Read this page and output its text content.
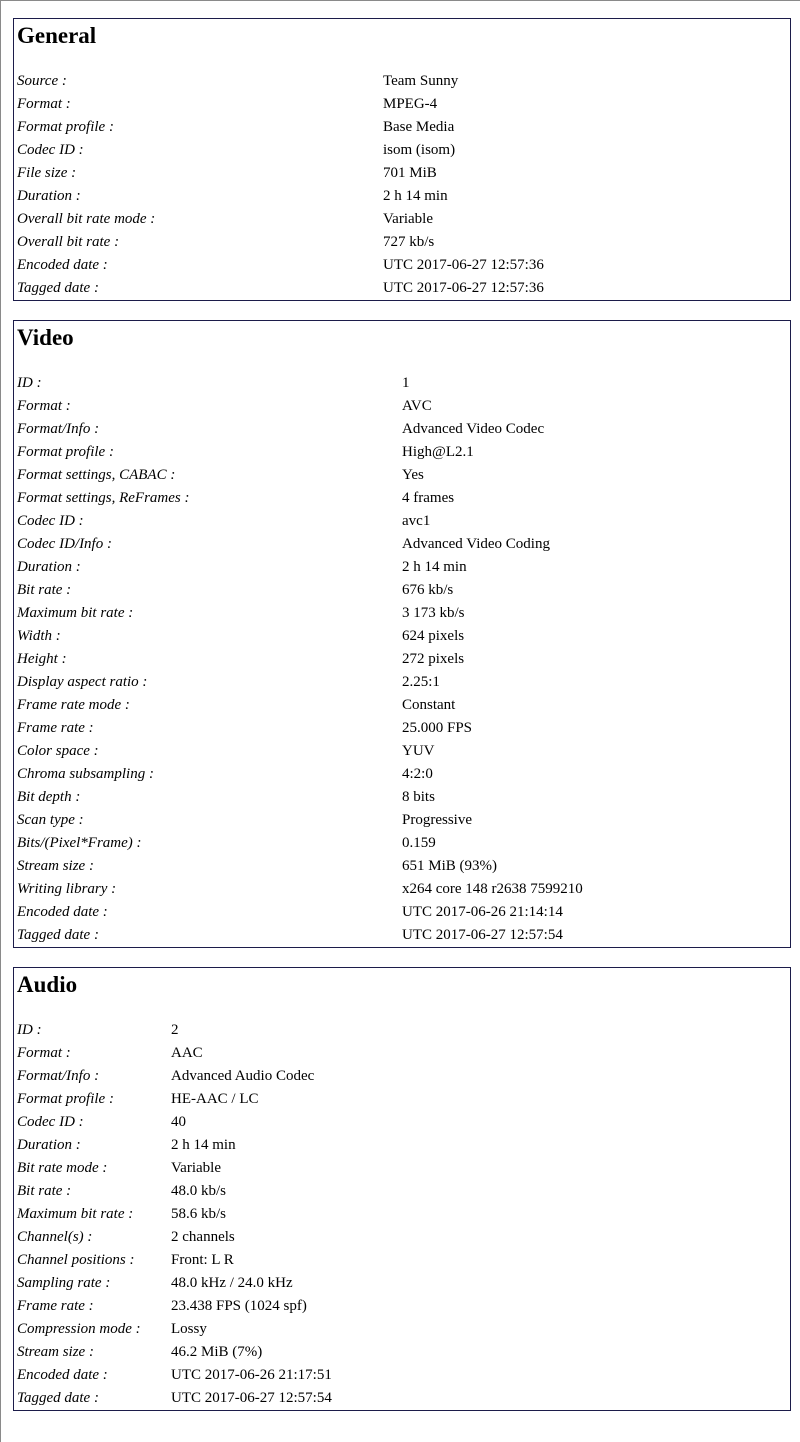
General
Source :	Team Sunny
Format :	MPEG-4
Format profile :	Base Media
Codec ID :	isom (isom)
File size :	701 MiB
Duration :	2 h 14 min
Overall bit rate mode :	Variable
Overall bit rate :	727 kb/s
Encoded date :	UTC 2017-06-27 12:57:36
Tagged date :	UTC 2017-06-27 12:57:36
Video
ID :	1
Format :	AVC
Format/Info :	Advanced Video Codec
Format profile :	High@L2.1
Format settings, CABAC :	Yes
Format settings, ReFrames :	4 frames
Codec ID :	avc1
Codec ID/Info :	Advanced Video Coding
Duration :	2 h 14 min
Bit rate :	676 kb/s
Maximum bit rate :	3 173 kb/s
Width :	624 pixels
Height :	272 pixels
Display aspect ratio :	2.25:1
Frame rate mode :	Constant
Frame rate :	25.000 FPS
Color space :	YUV
Chroma subsampling :	4:2:0
Bit depth :	8 bits
Scan type :	Progressive
Bits/(Pixel*Frame) :	0.159
Stream size :	651 MiB (93%)
Writing library :	x264 core 148 r2638 7599210
Encoded date :	UTC 2017-06-26 21:14:14
Tagged date :	UTC 2017-06-27 12:57:54
Audio
ID :	2
Format :	AAC
Format/Info :	Advanced Audio Codec
Format profile :	HE-AAC / LC
Codec ID :	40
Duration :	2 h 14 min
Bit rate mode :	Variable
Bit rate :	48.0 kb/s
Maximum bit rate :	58.6 kb/s
Channel(s) :	2 channels
Channel positions : Front: L R
Sampling rate :	48.0 kHz / 24.0 kHz
Frame rate :	23.438 FPS (1024 spf)
Compression mode : Lossy
Stream size :	46.2 MiB (7%)
Encoded date :	UTC 2017-06-26 21:17:51
Tagged date :	UTC 2017-06-27 12:57:54
